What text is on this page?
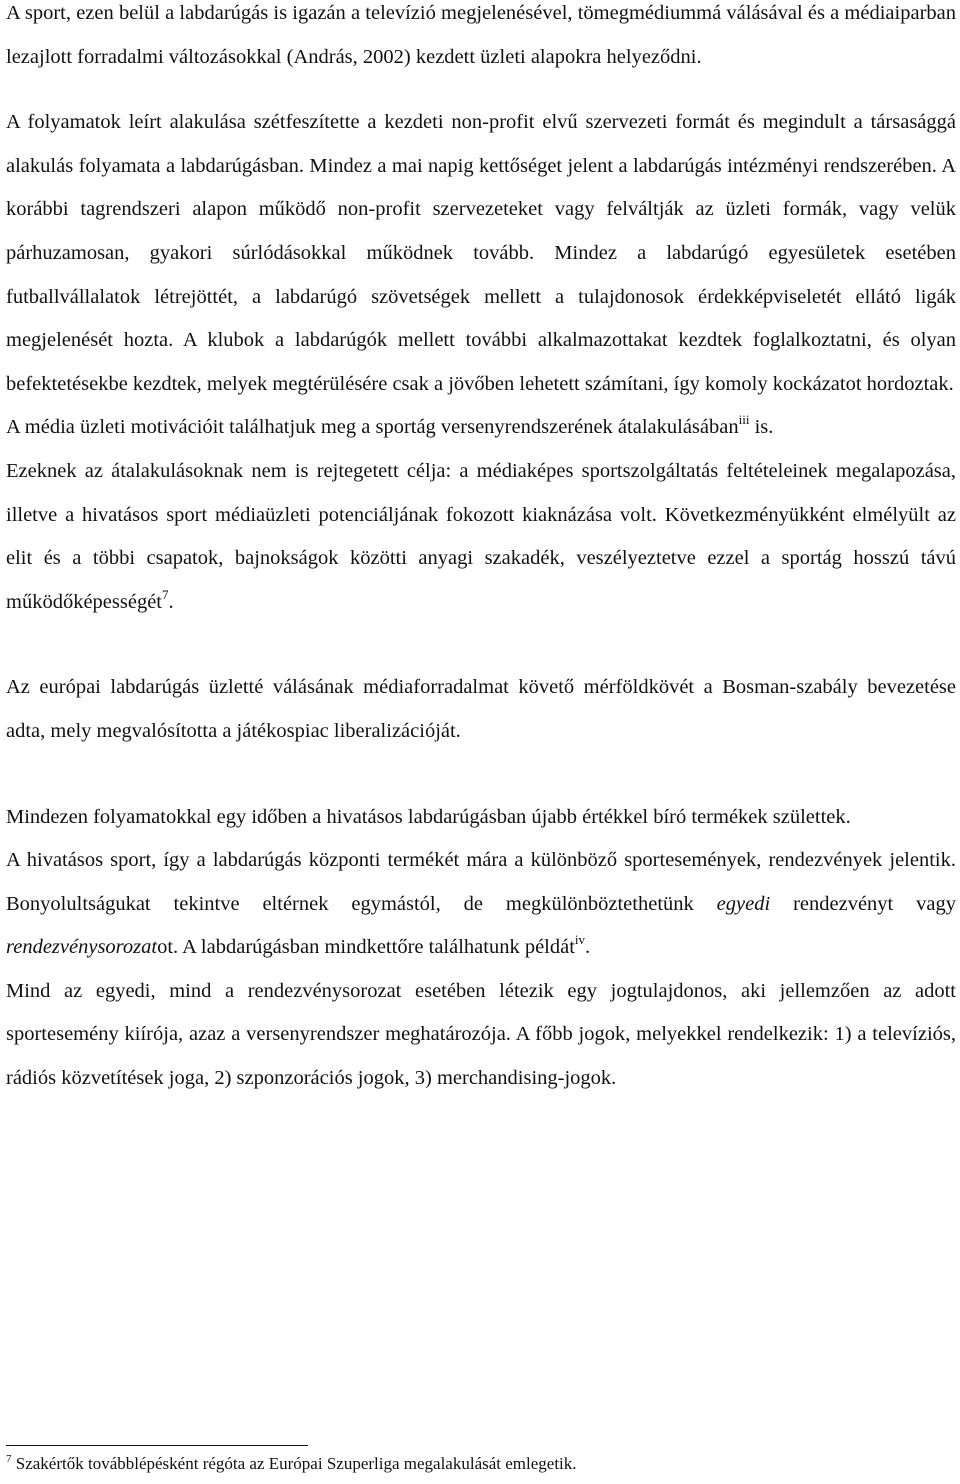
A sport, ezen belül a labdarúgás is igazán a televízió megjelenésével, tömegmédiummá válásával és a médiaiparban lezajlott forradalmi változásokkal (András, 2002) kezdett üzleti alapokra helyeződni.

A folyamatok leírt alakulása szétfeszítette a kezdeti non-profit elvű szervezeti formát és megindult a társasággá alakulás folyamata a labdarúgásban. Mindez a mai napig kettőséget jelent a labdarúgás intézményi rendszerében. A korábbi tagrendszeri alapon működő non-profit szervezeteket vagy felváltják az üzleti formák, vagy velük párhuzamosan, gyakori súrlódásokkal működnek tovább. Mindez a labdarúgó egyesületek esetében futballvállalatok létrejöttét, a labdarúgó szövetségek mellett a tulajdonosok érdekképviseletét ellátó ligák megjelenését hozta. A klubok a labdarúgók mellett további alkalmazottakat kezdtek foglalkoztatni, és olyan befektetésekbe kezdtek, melyek megtérülésére csak a jövőben lehetett számítani, így komoly kockázatot hordoztak.

A média üzleti motivációit találhatjuk meg a sportág versenyrendszerének átalakulásában$^{iii}$ is.

Ezeknek az átalakulásoknak nem is rejtegetett célja: a médiaképes sportszolgáltatás feltételeinek megalapozása, illetve a hivatásos sport médiaüzleti potenciáljának fokozott kiaknázása volt. Következményükként elmélyült az elit és a többi csapatok, bajnokságok közötti anyagi szakadék, veszélyeztetve ezzel a sportág hosszú távú működőképességét$^7$.

Az európai labdarúgás üzletté válásának médiaforradalmat követő mérföldkövét a Bosman-szabály bevezetése adta, mely megvalósította a játékospiac liberalizációját.

Mindezen folyamatokkal egy időben a hivatásos labdarúgásban újabb értékkel bíró termékek születtek.

A hivatásos sport, így a labdarúgás központi termékét mára a különböző sportesemények, rendezvények jelentik. Bonyolultságukat tekintve eltérnek egymástól, de megkülönböztethetünk egyedi rendezvényt vagy rendezvénysorozatot. A labdarúgásban mindkettőre találhatunk példát$^{iv}$.

Mind az egyedi, mind a rendezvénysorozat esetében létezik egy jogtulajdonos, aki jellemzően az adott sportesemény kiírója, azaz a versenyrendszer meghatározója. A főbb jogok, melyekkel rendelkezik: 1) a televíziós, rádiós közvetítések joga, 2) szponzorációs jogok, 3) merchandising-jogok.

$^7$ Szakértők továbblépésként régóta az Európai Szuperliga megalakulását emlegetik.
